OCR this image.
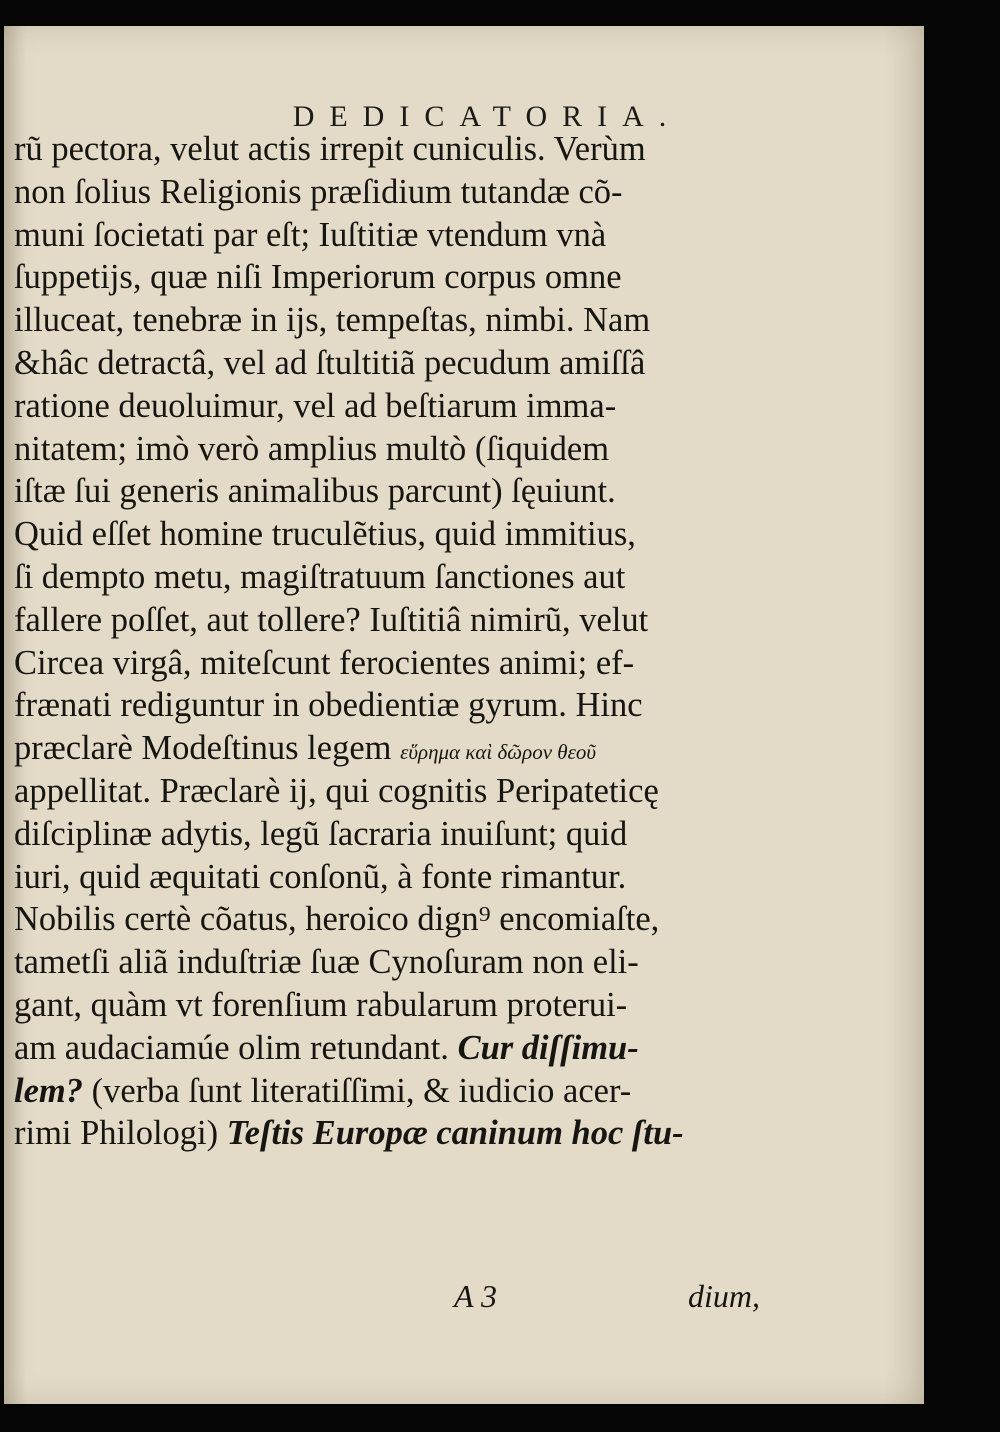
DEDICATORIA.
rũ pectora, velut actis irrepit cuniculis. Verùm
non ſolius Religionis præſidium tutandæ cõ-
muni ſocietati par eſt; Iuſtitiæ vtendum vnà
ſuppetijs, quæ niſi Imperiorum corpus omne
illuceat, tenebræ in ijs, tempeſtas, nimbi. Nam
&hâc detractâ, vel ad ſtultitiã pecudum amiſſâ
ratione deuoluimur, vel ad beſtiarum imma-
nitatem; imò verò amplius multò (ſiquidem
iſtæ ſui generis animalibus parcunt) ſęuiunt.
Quid eſſet homine truculẽtius, quid immitius,
ſi dempto metu, magiſtratuum ſanctiones aut
fallere poſſet, aut tollere? Iuſtitiâ nimirũ, velut
Circea virgâ, miteſcunt ferocientes animi; ef-
frænati rediguntur in obedientiæ gyrum. Hinc
præclarè Modeſtinus legem εὕρημα καὶ δῶρον θεοῦ
appellitat. Præclarè ij, qui cognitis Peripateticę
diſciplinæ adytis, legũ ſacraria inuiſunt; quid
iuri, quid æquitati conſonũ, à fonte rimantur.
Nobilis certè cõatus, heroico dign⁹ encomiaſte,
tametſi aliã induſtriæ ſuæ Cynoſuram non eli-
gant, quàm vt forenſium rabularum proterui-
am audaciamúe olim retundant. Cur diſſimu-
lem? (verba ſunt literatiſſimi, & iudicio acer-
rimi Philologi) Teſtis Europæ caninum hoc ſtu-
A 3	dium,
